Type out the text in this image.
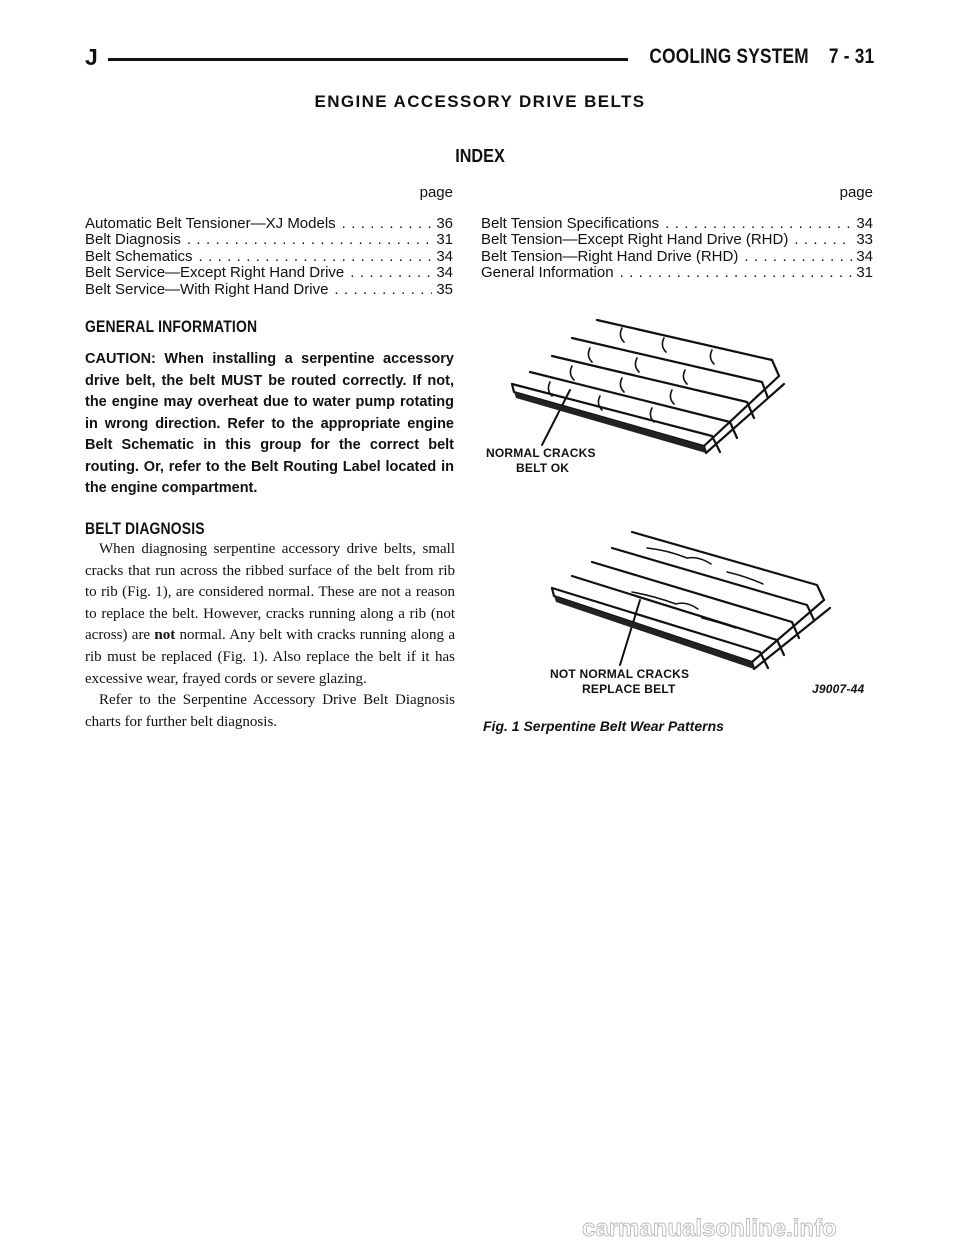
J	COOLING SYSTEM 7 - 31
ENGINE ACCESSORY DRIVE BELTS
INDEX
page
Automatic Belt Tensioner—XJ Models . . .	36
Belt Diagnosis . . .	31
Belt Schematics . . .	34
Belt Service—Except Right Hand Drive . . .	34
Belt Service—With Right Hand Drive . . .	35
page
Belt Tension Specifications . . .	34
Belt Tension—Except Right Hand Drive (RHD) . . .	33
Belt Tension—Right Hand Drive (RHD) . . .	34
General Information . . .	31
GENERAL INFORMATION
CAUTION: When installing a serpentine accessory drive belt, the belt MUST be routed correctly. If not, the engine may overheat due to water pump rotating in wrong direction. Refer to the appropriate engine Belt Schematic in this group for the correct belt routing. Or, refer to the Belt Routing Label located in the engine compartment.
BELT DIAGNOSIS

When diagnosing serpentine accessory drive belts, small cracks that run across the ribbed surface of the belt from rib to rib (Fig. 1), are considered normal. These are not a reason to replace the belt. However, cracks running along a rib (not across) are not normal. Any belt with cracks running along a rib must be replaced (Fig. 1). Also replace the belt if it has excessive wear, frayed cords or severe glazing.

Refer to the Serpentine Accessory Drive Belt Diagnosis charts for further belt diagnosis.

NORMAL CRACKS
BELT OK
NOT NORMAL CRACKS
REPLACE BELT	J9007-44
Fig. 1 Serpentine Belt Wear Patterns
carmanualsonline.info
